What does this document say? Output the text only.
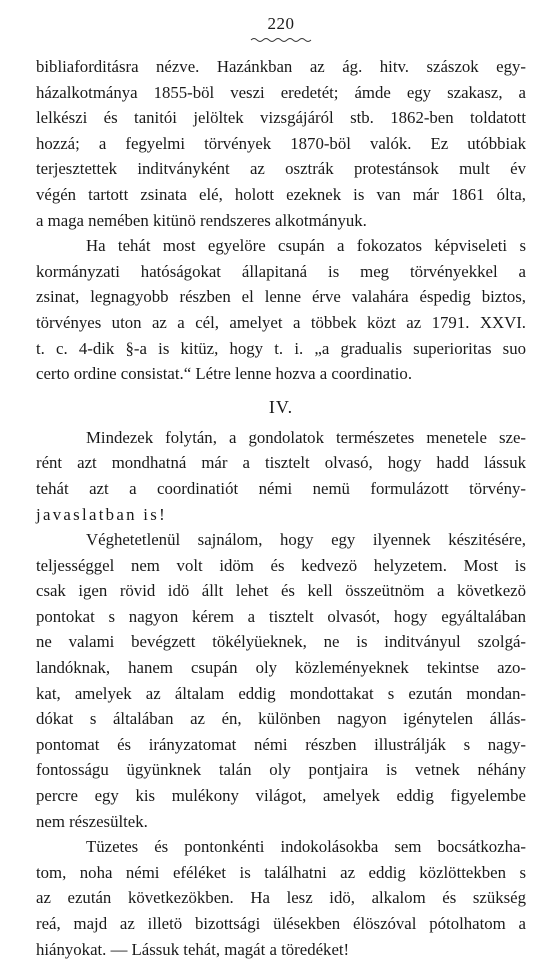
220
bibliaforditásra nézve. Hazánkban az ág. hitv. szászok egy-
házalkotmánya 1855-böl veszi eredetét; ámde egy szakasz, a
lelkészi és tanitói jelöltek vizsgájáról stb. 1862-ben toldatott
hozzá; a fegyelmi törvények 1870-böl valók. Ez utóbbiak
terjesztettek inditványként az osztrák protestánsok mult év
végén tartott zsinata elé, holott ezeknek is van már 1861 ólta,
a maga nemében kitünö rendszeres alkotmányuk.
Ha tehát most egyelöre csupán a fokozatos képviseleti s
kormányzati hatóságokat állapitaná is meg törvényekkel a
zsinat, legnagyobb részben el lenne érve valahára éspedig biztos,
törvényes uton az a cél, amelyet a többek közt az 1791. XXVI.
t. c. 4-dik §-a is kitüz, hogy t. i. „a gradualis superioritas suo
certo ordine consistat.“ Létre lenne hozva a coordinatio.
IV.
Mindezek folytán, a gondolatok természetes menetele sze-
rént azt mondhatná már a tisztelt olvasó, hogy hadd lássuk
tehát azt a coordinatiót némi nemü formulázott törvény-
javaslatban is!
Véghetetlenül sajnálom, hogy egy ilyennek készitésére,
teljességgel nem volt idöm és kedvezö helyzetem. Most is
csak igen rövid idö állt lehet és kell összeütnöm a következö
pontokat s nagyon kérem a tisztelt olvasót, hogy egyáltalában
ne valami bevégzett tökélyüeknek, ne is inditványul szolgá-
landóknak, hanem csupán oly közleményeknek tekintse azo-
kat, amelyek az általam eddig mondottakat s ezután mondan-
dókat s általában az én, különben nagyon igénytelen állás-
pontomat és irányzatomat némi részben illustrálják s nagy-
fontosságu ügyünknek talán oly pontjaira is vetnek néhány
percre egy kis mulékony világot, amelyek eddig figyelembe
nem részesültek.
Tüzetes és pontonkénti indokolásokba sem bocsátkozha-
tom, noha némi eféléket is találhatni az eddig közlöttekben s
az ezután következökben. Ha lesz idö, alkalom és szükség
reá, majd az illetö bizottsági ülésekben élöszóval pótolhatom a
hiányokat. — Lássuk tehát, magát a töredéket!
